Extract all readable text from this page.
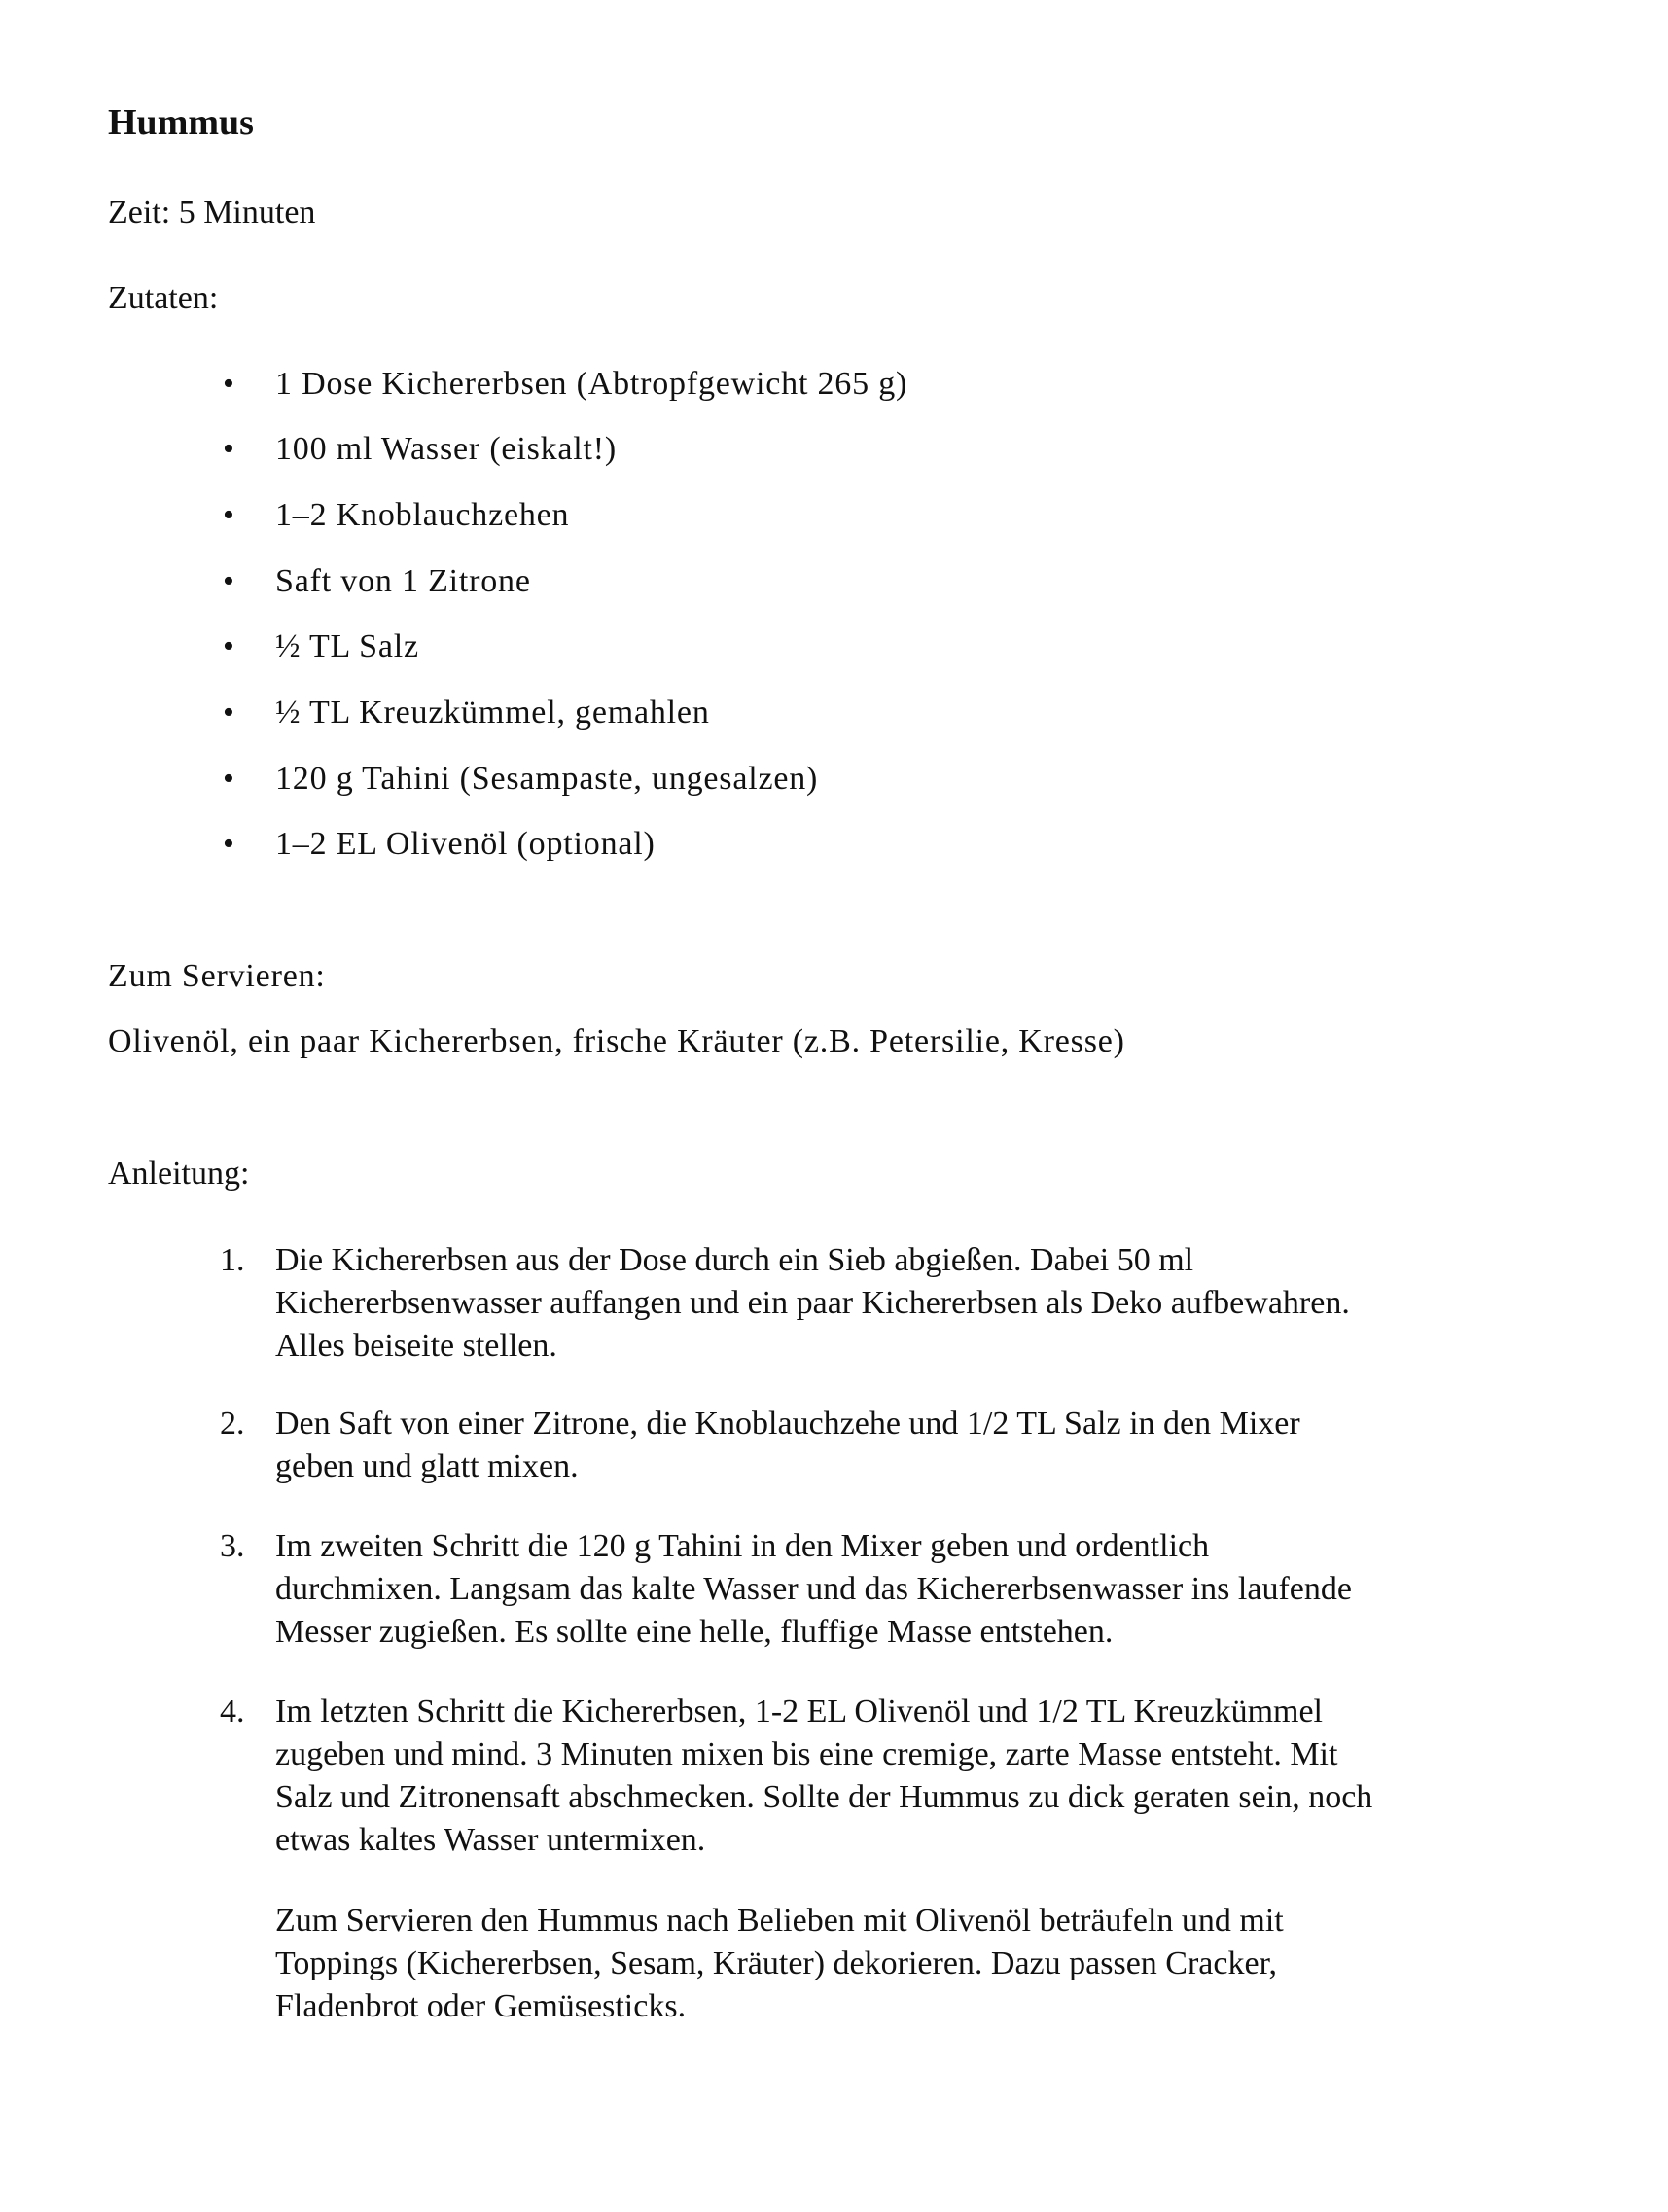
Hummus
Zeit: 5 Minuten
Zutaten:
• 1 Dose Kichererbsen (Abtropfgewicht 265 g)
• 100 ml Wasser (eiskalt!)
• 1–2 Knoblauchzehen
• Saft von 1 Zitrone
• ½ TL Salz
• ½ TL Kreuzkümmel, gemahlen
• 120 g Tahini (Sesampaste, ungesalzen)
• 1–2 EL Olivenöl (optional)
Zum Servieren:
Olivenöl, ein paar Kichererbsen, frische Kräuter (z.B. Petersilie, Kresse)
Anleitung:
1. Die Kichererbsen aus der Dose durch ein Sieb abgießen. Dabei 50 ml
Kichererbsenwasser auffangen und ein paar Kichererbsen als Deko aufbewahren.
Alles beiseite stellen.
2. Den Saft von einer Zitrone, die Knoblauchzehe und 1/2 TL Salz in den Mixer
geben und glatt mixen.
3. Im zweiten Schritt die 120 g Tahini in den Mixer geben und ordentlich
durchmixen. Langsam das kalte Wasser und das Kichererbsenwasser ins laufende
Messer zugießen. Es sollte eine helle, fluffige Masse entstehen.
4. Im letzten Schritt die Kichererbsen, 1-2 EL Olivenöl und 1/2 TL Kreuzkümmel
zugeben und mind. 3 Minuten mixen bis eine cremige, zarte Masse entsteht. Mit
Salz und Zitronensaft abschmecken. Sollte der Hummus zu dick geraten sein, noch
etwas kaltes Wasser untermixen.
Zum Servieren den Hummus nach Belieben mit Olivenöl beträufeln und mit
Toppings (Kichererbsen, Sesam, Kräuter) dekorieren. Dazu passen Cracker,
Fladenbrot oder Gemüsesticks.
